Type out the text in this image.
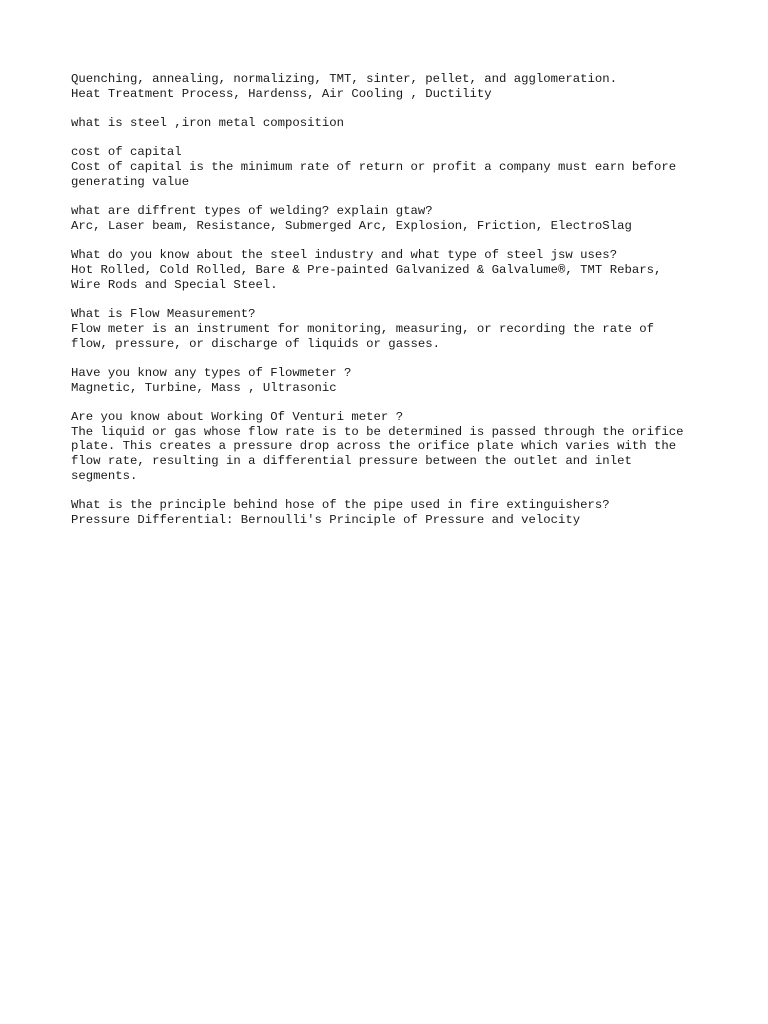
Quenching, annealing, normalizing, TMT, sinter, pellet, and agglomeration.
Heat Treatment Process, Hardenss, Air Cooling , Ductility
what is steel ,iron metal composition
cost of capital
Cost of capital is the minimum rate of return or profit a company must earn before
generating value
what are diffrent types of welding? explain gtaw?
Arc, Laser beam, Resistance, Submerged Arc, Explosion, Friction, ElectroSlag
What do you know about the steel industry and what type of steel jsw uses?
Hot Rolled, Cold Rolled, Bare & Pre-painted Galvanized & Galvalume®, TMT Rebars,
Wire Rods and Special Steel.
What is Flow Measurement?
Flow meter is an instrument for monitoring, measuring, or recording the rate of
flow, pressure, or discharge of liquids or gasses.
Have you know any types of Flowmeter ?
Magnetic, Turbine, Mass , Ultrasonic
Are you know about Working Of Venturi meter ?
The liquid or gas whose flow rate is to be determined is passed through the orifice
plate. This creates a pressure drop across the orifice plate which varies with the
flow rate, resulting in a differential pressure between the outlet and inlet
segments.
What is the principle behind hose of the pipe used in fire extinguishers?
Pressure Differential: Bernoulli's Principle of Pressure and velocity
